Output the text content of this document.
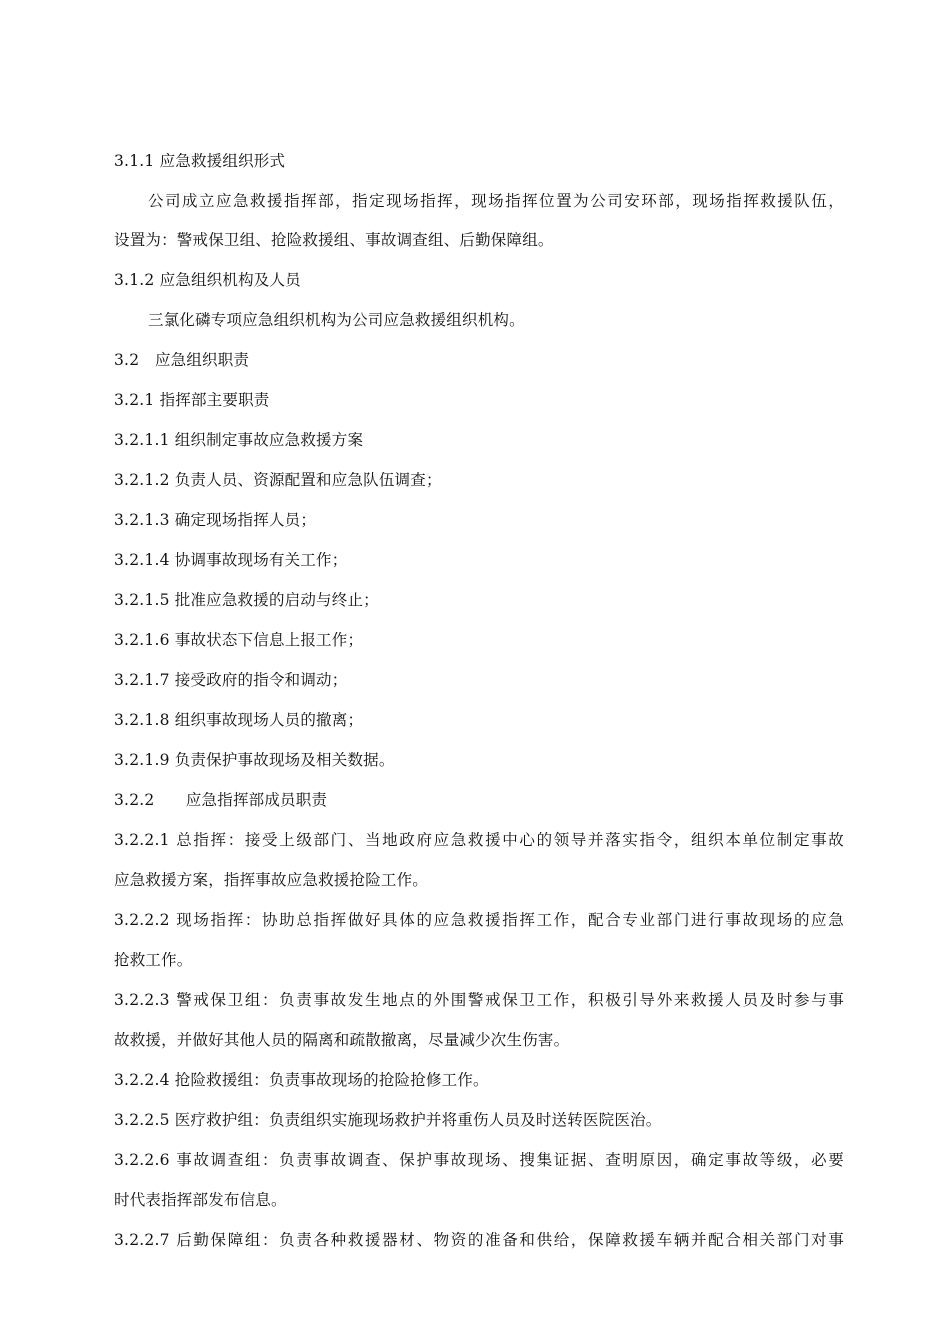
3.1.1 应急救援组织形式
公司成立应急救援指挥部，指定现场指挥，现场指挥位置为公司安环部，现场指挥救援队伍，
设置为：警戒保卫组、抢险救援组、事故调查组、后勤保障组。
3.1.2 应急组织机构及人员
三氯化磷专项应急组织机构为公司应急救援组织机构。
3.2　应急组织职责
3.2.1 指挥部主要职责
3.2.1.1 组织制定事故应急救援方案
3.2.1.2 负责人员、资源配置和应急队伍调查；
3.2.1.3 确定现场指挥人员；
3.2.1.4 协调事故现场有关工作；
3.2.1.5 批准应急救援的启动与终止；
3.2.1.6 事故状态下信息上报工作；
3.2.1.7 接受政府的指令和调动；
3.2.1.8 组织事故现场人员的撤离；
3.2.1.9 负责保护事故现场及相关数据。
3.2.2　　应急指挥部成员职责
3.2.2.1 总指挥：接受上级部门、当地政府应急救援中心的领导并落实指令，组织本单位制定事故
应急救援方案，指挥事故应急救援抢险工作。
3.2.2.2 现场指挥：协助总指挥做好具体的应急救援指挥工作，配合专业部门进行事故现场的应急
抢救工作。
3.2.2.3 警戒保卫组：负责事故发生地点的外围警戒保卫工作，积极引导外来救援人员及时参与事
故救援，并做好其他人员的隔离和疏散撤离，尽量减少次生伤害。
3.2.2.4 抢险救援组：负责事故现场的抢险抢修工作。
3.2.2.5 医疗救护组：负责组织实施现场救护并将重伤人员及时送转医院医治。
3.2.2.6 事故调查组：负责事故调查、保护事故现场、搜集证据、查明原因，确定事故等级，必要
时代表指挥部发布信息。
3.2.2.7 后勤保障组：负责各种救援器材、物资的准备和供给，保障救援车辆并配合相关部门对事
